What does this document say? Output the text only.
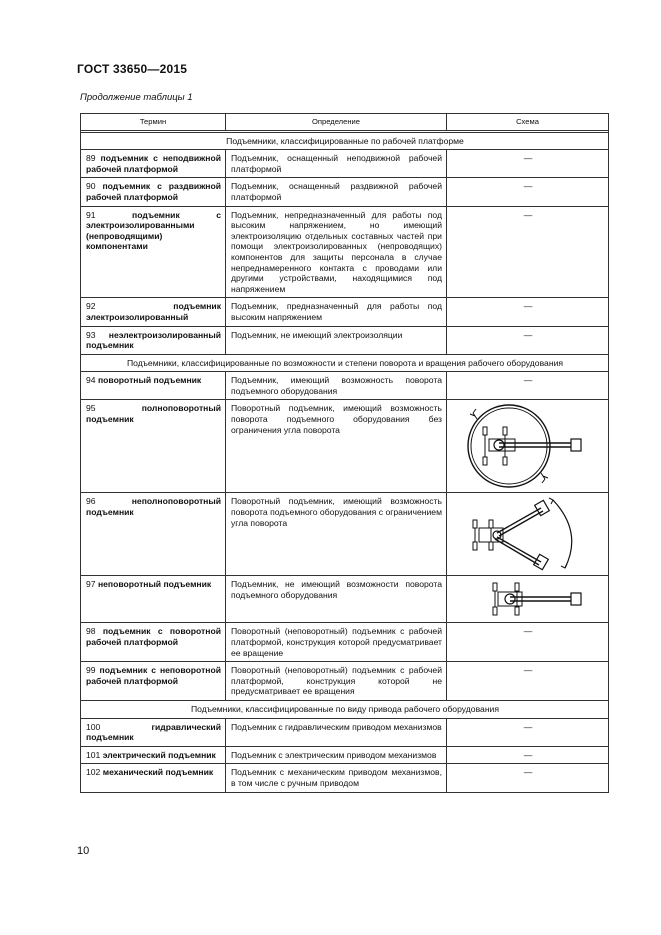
ГОСТ 33650—2015
Продолжение таблицы 1
Термин	Определение	Схема

Подъемники, классифицированные по рабочей платформе		
89 подъемник с неподвижной рабочей платформой	Подъемник, оснащенный неподвижной рабочей платформой	—
90 подъемник с раздвижной рабочей платформой	Подъемник, оснащенный раздвижной рабочей платформой	—
91 подъемник с электроизолированными (непроводящими) компонентами	Подъемник, непредназначенный для работы под высоким напряжением, но имеющий электроизоляцию отдельных составных частей при помощи электроизолированных (непроводящих) компонентов для защиты персонала в случае непреднамеренного контакта с проводами или другими устройствами, находящимися под напряжением	—
92 подъемник электроизолированный	Подъемник, предназначенный для работы под высоким напряжением	—
93 неэлектроизолированный подъемник	Подъемник, не имеющий электроизоляции	—
Подъемники, классифицированные по возможности и степени поворота и вращения рабочего оборудования		
94 поворотный подъемник	Подъемник, имеющий возможность поворота подъемного оборудования	—
95 полноповоротный подъемник	Поворотный подъемник, имеющий возможность поворота подъемного оборудования без ограничения угла поворота	

96 неполноповоротный подъемник	Поворотный подъемник, имеющий возможность поворота подъемного оборудования с ограничением угла поворота	

97 неповоротный подъемник	Подъемник, не имеющий возможности поворота подъемного оборудования	

98 подъемник с поворотной рабочей платформой	Поворотный (неповоротный) подъемник с рабочей платформой, конструкция которой предусматривает ее вращение	—
99 подъемник с неповоротной рабочей платформой	Поворотный (неповоротный) подъемник с рабочей платформой, конструкция которой не предусматривает ее вращения	—
Подъемники, классифицированные по виду привода рабочего оборудования		
100 гидравлический подъемник	Подъемник с гидравлическим приводом механизмов	—
101 электрический подъемник	Подъемник с электрическим приводом механизмов	—
102 механический подъемник	Подъемник с механическим приводом механизмов, в том числе с ручным приводом	—
10
